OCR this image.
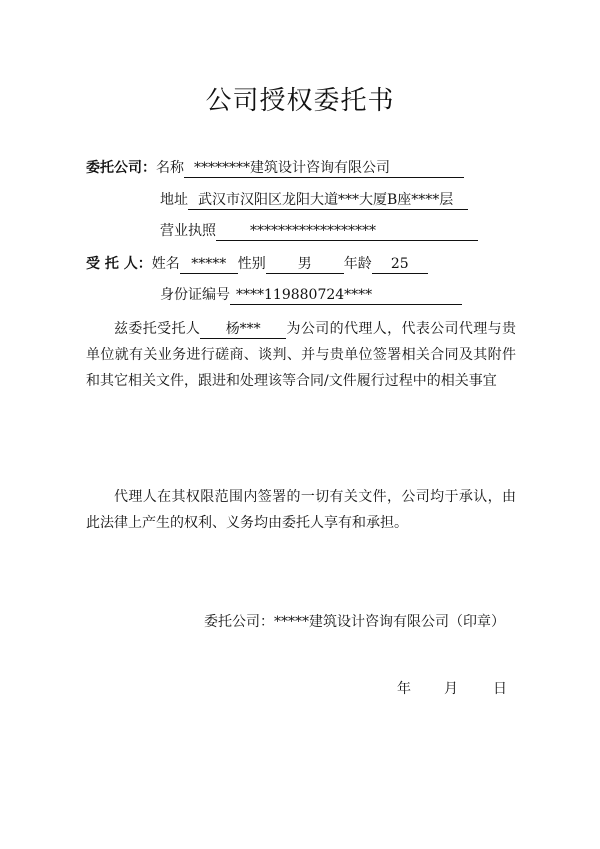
公司授权委托书
委托公司：名称 ********建筑设计咨询有限公司
地址 武汉市汉阳区龙阳大道***大厦B座****层
营业执照 ******************
受 托 人：姓名 ***** 性别 男 年龄 25
身份证编号 ****119880724****
兹委托受托人 杨*** 为公司的代理人，代表公司代理与贵单位就有关业务进行磋商、谈判、并与贵单位签署相关合同及其附件和其它相关文件，跟进和处理该等合同/文件履行过程中的相关事宜
代理人在其权限范围内签署的一切有关文件，公司均于承认，由此法律上产生的权利、义务均由委托人享有和承担。
委托公司：*****建筑设计咨询有限公司（印章）
年 月	日
